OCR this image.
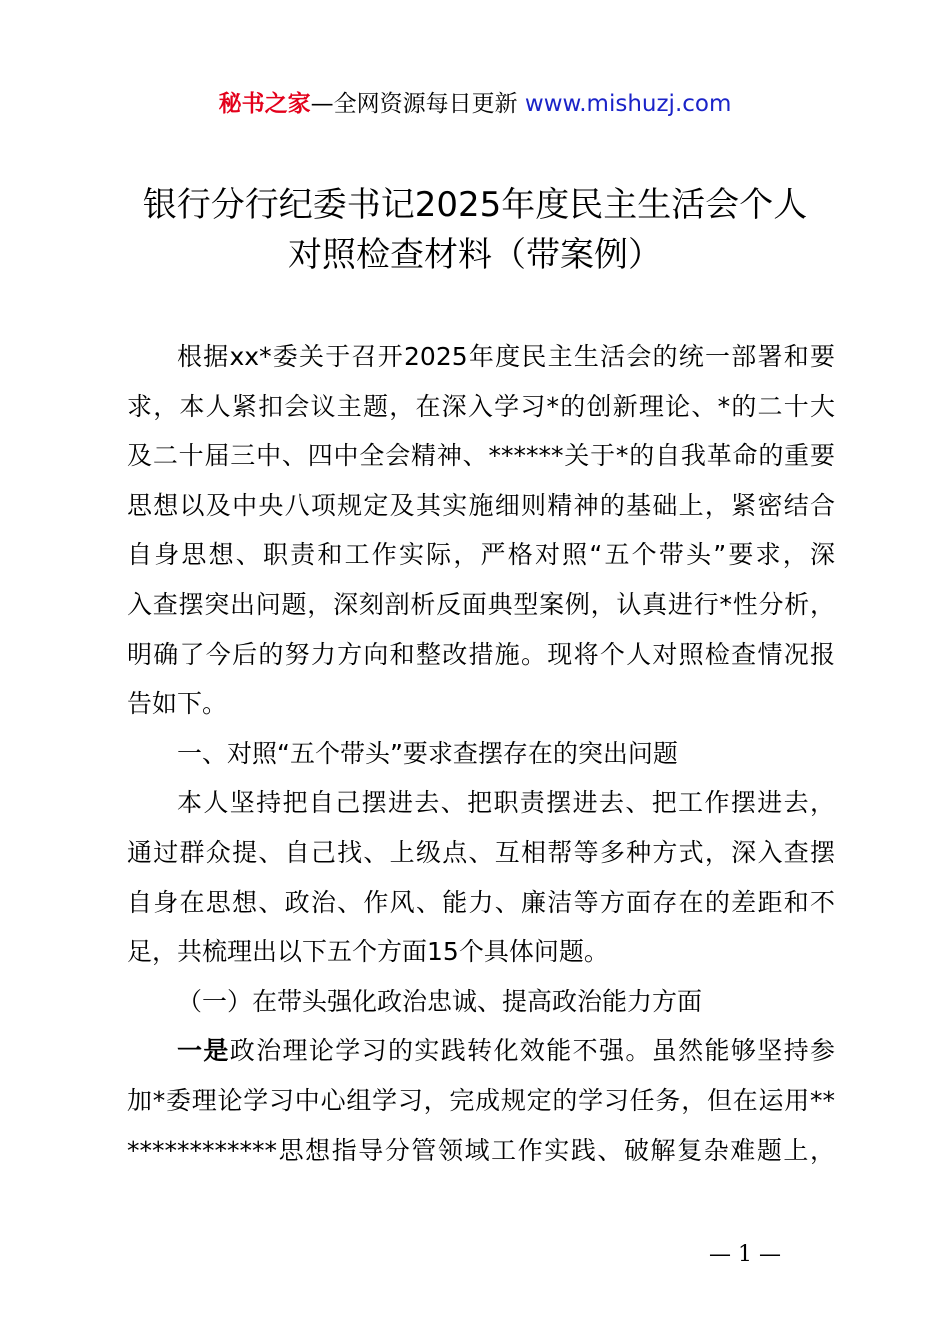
秘书之家—全网资源每日更新 www.mishuzj.com
银行分行纪委书记2025年度民主生活会个人
对照检查材料（带案例）
根据xx*委关于召开2025年度民主生活会的统一部署和要
求，本人紧扣会议主题，在深入学习*的创新理论、*的二十大
及二十届三中、四中全会精神、******关于*的自我革命的重要
思想以及中央八项规定及其实施细则精神的基础上，紧密结合
自身思想、职责和工作实际，严格对照“五个带头”要求，深
入查摆突出问题，深刻剖析反面典型案例，认真进行*性分析，
明确了今后的努力方向和整改措施。现将个人对照检查情况报
告如下。
一、对照“五个带头”要求查摆存在的突出问题
本人坚持把自己摆进去、把职责摆进去、把工作摆进去，
通过群众提、自己找、上级点、互相帮等多种方式，深入查摆
自身在思想、政治、作风、能力、廉洁等方面存在的差距和不
足，共梳理出以下五个方面15个具体问题。
（一）在带头强化政治忠诚、提高政治能力方面
一是政治理论学习的实践转化效能不强。虽然能够坚持参
加*委理论学习中心组学习，完成规定的学习任务，但在运用**
************思想指导分管领域工作实践、破解复杂难题上，
— 1 —
